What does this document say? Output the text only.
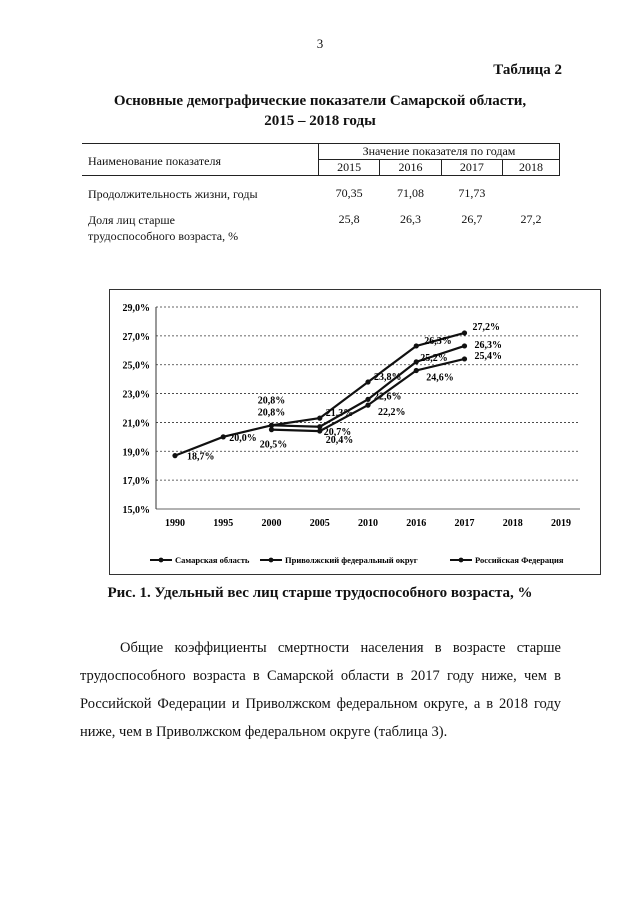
3
Таблица 2
Основные демографические показатели Самарской области,
2015 – 2018 годы
Наименование показателя	Значение показателя по годам			
	2015	2016	2017	2018
Продолжительность жизни, годы	70,35	71,08	71,73	

Доля лиц старше
трудоспособного возраста, %	25,8	26,3	26,7	27,2
29,0%
27,0%
25,0%
23,0%
21,0%
19,0%
17,0%
15,0%
1990	1995	2000	2005	2010	2016	2017	2018	2019
18,7%
20,0%
20,8%	21,3%
23,8%
26,3%
27,2%
20,8%
20,7%
22,6%
25,2%
26,3%
20,5%	20,4%
22,2%
24,6%
25,4%
Самарская область	Приволжский федеральный округ	Российская Федерация
Рис. 1. Удельный вес лиц старше трудоспособного возраста, %
Общие коэффициенты смертности населения в возрасте старше трудоспособного возраста в Самарской области в 2017 году ниже, чем в Российской Федерации и Приволжском федеральном округе, а в 2018 году ниже, чем в Приволжском федеральном округе (таблица 3).
